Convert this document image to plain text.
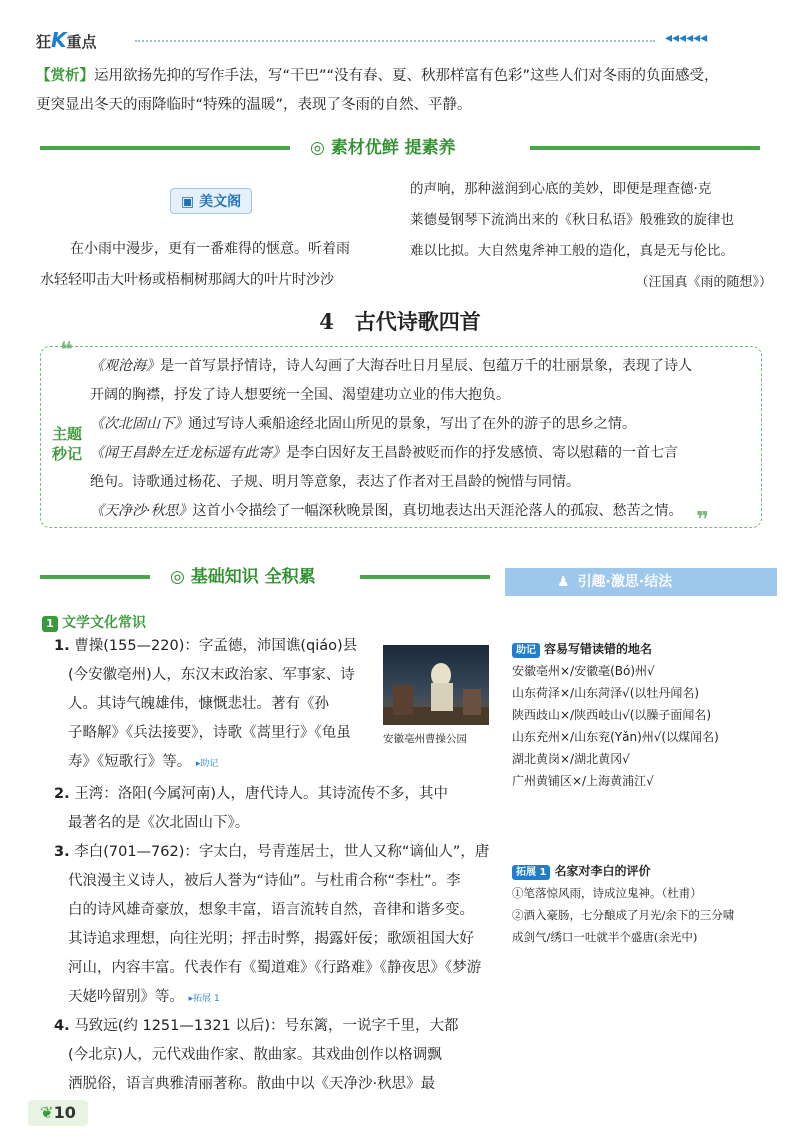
狂K重点	◂◂◂◂◂◂
【赏析】运用欲扬先抑的写作手法，写“干巴”“没有春、夏、秋那样富有色彩”这些人们对冬雨的负面感受，
更突显出冬天的雨降临时“特殊的温暖”，表现了冬雨的自然、平静。
◎ 素材优鲜 提素养
▣ 美文阁
在小雨中漫步，更有一番难得的惬意。听着雨
水轻轻叩击大叶杨或梧桐树那阔大的叶片时沙沙
的声响，那种滋润到心底的美妙，即便是理查德·克
莱德曼钢琴下流淌出来的《秋日私语》般雅致的旋律也
难以比拟。大自然鬼斧神工般的造化，真是无与伦比。
（汪国真《雨的随想》）
4　古代诗歌四首
❝
❞
主题
秒记
《观沧海》是一首写景抒情诗，诗人勾画了大海吞吐日月星辰、包蕴万千的壮丽景象，表现了诗人
开阔的胸襟，抒发了诗人想要统一全国、渴望建功立业的伟大抱负。
《次北固山下》通过写诗人乘船途经北固山所见的景象，写出了在外的游子的思乡之情。
《闻王昌龄左迁龙标遥有此寄》是李白因好友王昌龄被贬而作的抒发感愤、寄以慰藉的一首七言
绝句。诗歌通过杨花、子规、明月等意象，表达了作者对王昌龄的惋惜与同情。
《天净沙·秋思》这首小令描绘了一幅深秋晚景图，真切地表达出天涯沦落人的孤寂、愁苦之情。
◎ 基础知识 全积累	♟ 引趣·激思·结法
助记 容易写错读错的地名
安徽亳州×/安徽毫(Bó)州√
山东荷泽×/山东菏泽√(以牡丹闻名)
陕西歧山×/陕西岐山√(以臊子面闻名)
山东充州×/山东兖(Yǎn)州√(以煤闻名)
湖北黄岗×/湖北黄冈√
广州黄铺区×/上海黄浦江√
拓展 1 名家对李白的评价
①笔落惊风雨，诗成泣鬼神。（杜甫）
②酒入豪肠，七分酿成了月光/余下的三分啸
成剑气/绣口一吐就半个盛唐(余光中)
1 文学文化常识
安徽亳州曹操公园
1. 曹操(155—220)：字孟德，沛国谯(qiáo)县
(今安徽亳州)人，东汉末政治家、军事家、诗
人。其诗气魄雄伟，慷慨悲壮。著有《孙
子略解》《兵法接要》，诗歌《蒿里行》《龟虽
寿》《短歌行》等。 ▸助记
2. 王湾：洛阳(今属河南)人，唐代诗人。其诗流传不多，其中
最著名的是《次北固山下》。
3. 李白(701—762)：字太白，号青莲居士，世人又称“谪仙人”，唐
代浪漫主义诗人，被后人誉为“诗仙”。与杜甫合称“李杜”。李
白的诗风雄奇豪放，想象丰富，语言流转自然，音律和谐多变。
其诗追求理想，向往光明；抨击时弊，揭露奸佞；歌颂祖国大好
河山，内容丰富。代表作有《蜀道难》《行路难》《静夜思》《梦游
天姥吟留别》等。 ▸拓展 1
4. 马致远(约 1251—1321 以后)：号东篱，一说字千里，大都
(今北京)人，元代戏曲作家、散曲家。其戏曲创作以格调飘
洒脱俗，语言典雅清丽著称。散曲中以《天净沙·秋思》最
❦10
